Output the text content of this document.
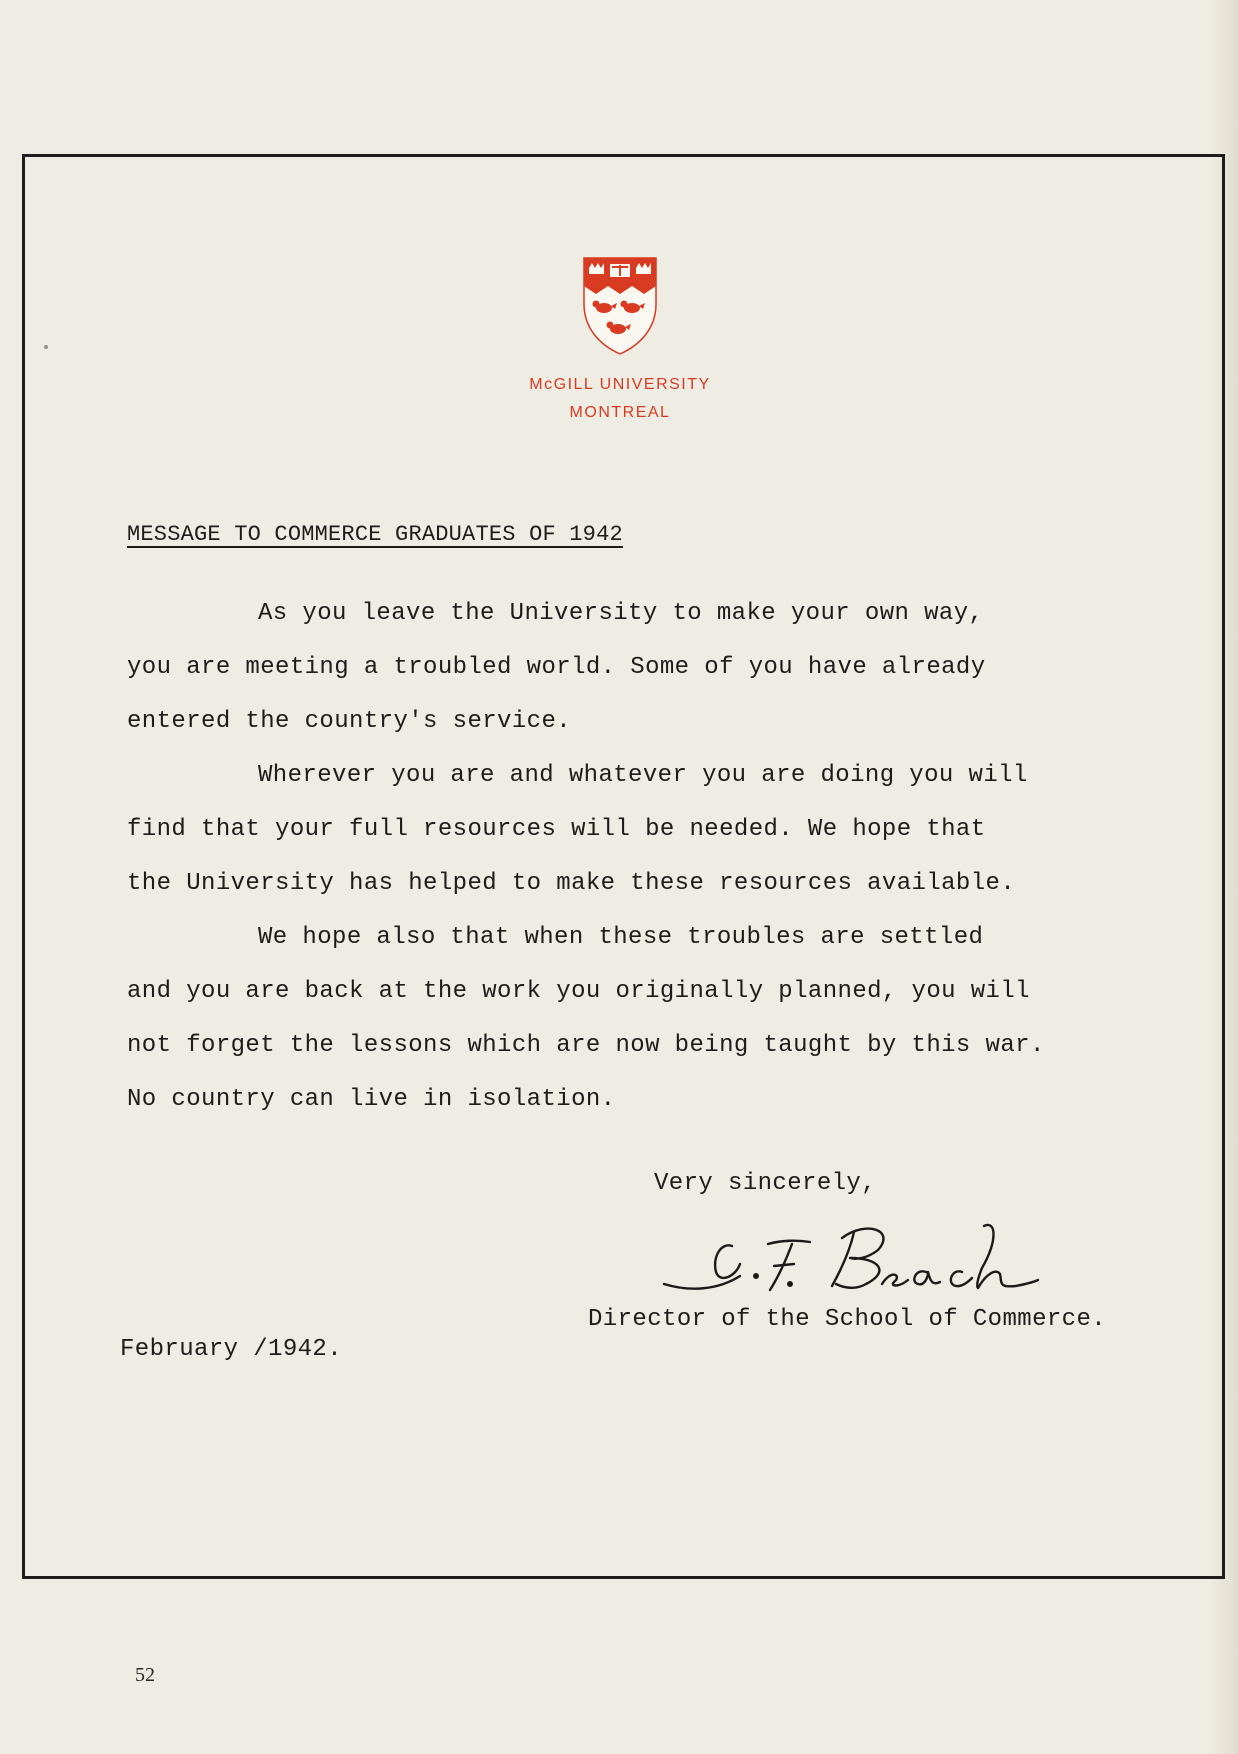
McGILL UNIVERSITY
MONTREAL
MESSAGE TO COMMERCE GRADUATES OF 1942
As you leave the University to make your own way,
you are meeting a troubled world. Some of you have already
entered the country's service.
Wherever you are and whatever you are doing you will
find that your full resources will be needed. We hope that
the University has helped to make these resources available.
We hope also that when these troubles are settled
and you are back at the work you originally planned, you will
not forget the lessons which are now being taught by this war.
No country can live in isolation.
Very sincerely,
Director of the School of Commerce.
February /1942.
52
